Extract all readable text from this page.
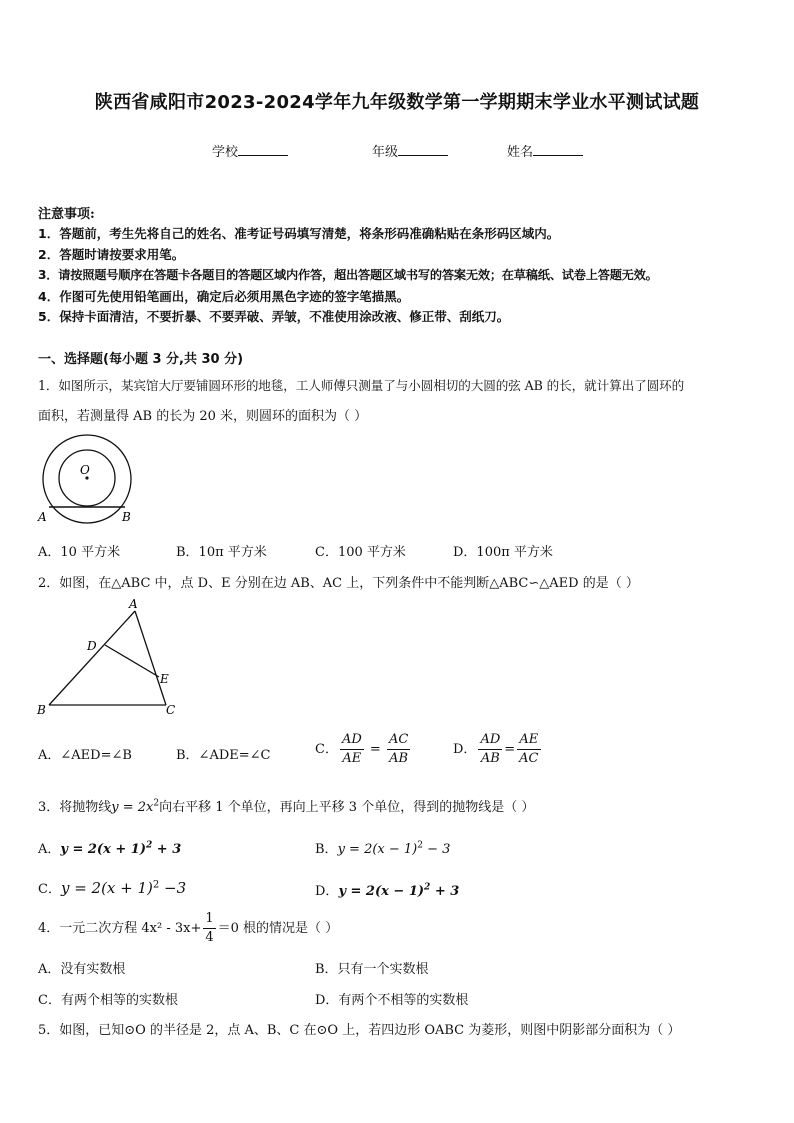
陕西省咸阳市2023-2024学年九年级数学第一学期期末学业水平测试试题
学校	年级	姓名
注意事项:
1．答题前，考生先将自己的姓名、准考证号码填写清楚，将条形码准确粘贴在条形码区域内。
2．答题时请按要求用笔。
3．请按照题号顺序在答题卡各题目的答题区域内作答，超出答题区域书写的答案无效；在草稿纸、试卷上答题无效。
4．作图可先使用铅笔画出，确定后必须用黑色字迹的签字笔描黑。
5．保持卡面清洁，不要折暴、不要弄破、弄皱，不准使用涂改液、修正带、刮纸刀。
一、选择题(每小题 3 分,共 30 分)
1．如图所示，某宾馆大厅要铺圆环形的地毯，工人师傅只测量了与小圆相切的大圆的弦 AB 的长，就计算出了圆环的
面积，若测量得 AB 的长为 20 米，则圆环的面积为（ ）
O
A	B
A．10 平方米	B．10π 平方米	C．100 平方米	D．100π 平方米
2．如图，在△ABC 中，点 D、E 分别在边 AB、AC 上，下列条件中不能判断△ABC∽△AED 的是（ ）
A
B	C
D
E
A．∠AED=∠B	B．∠ADE=∠C	C． $\frac{AD}{AE} = \frac{AC}{AB}$	D． $\frac{AD}{AB} = \frac{AE}{AC}$
3．将抛物线$y = 2x^2$向右平移 1 个单位，再向上平移 3 个单位，得到的抛物线是（ ）
A．$y = 2(x + 1)^2 + 3$	B．$y = 2(x - 1)^2 - 3$
C．$y = 2(x + 1)^2 -3$	D．$y = 2(x - 1)^2 + 3$
4．一元二次方程 $4x^2 - 3x+ \frac{1}{4} =0$ 根的情况是（ ）
A．没有实数根	B．只有一个实数根
C．有两个相等的实数根	D．有两个不相等的实数根
5．如图，已知⊙O 的半径是 2，点 A、B、C 在⊙O 上，若四边形 OABC 为菱形，则图中阴影部分面积为（ ）
